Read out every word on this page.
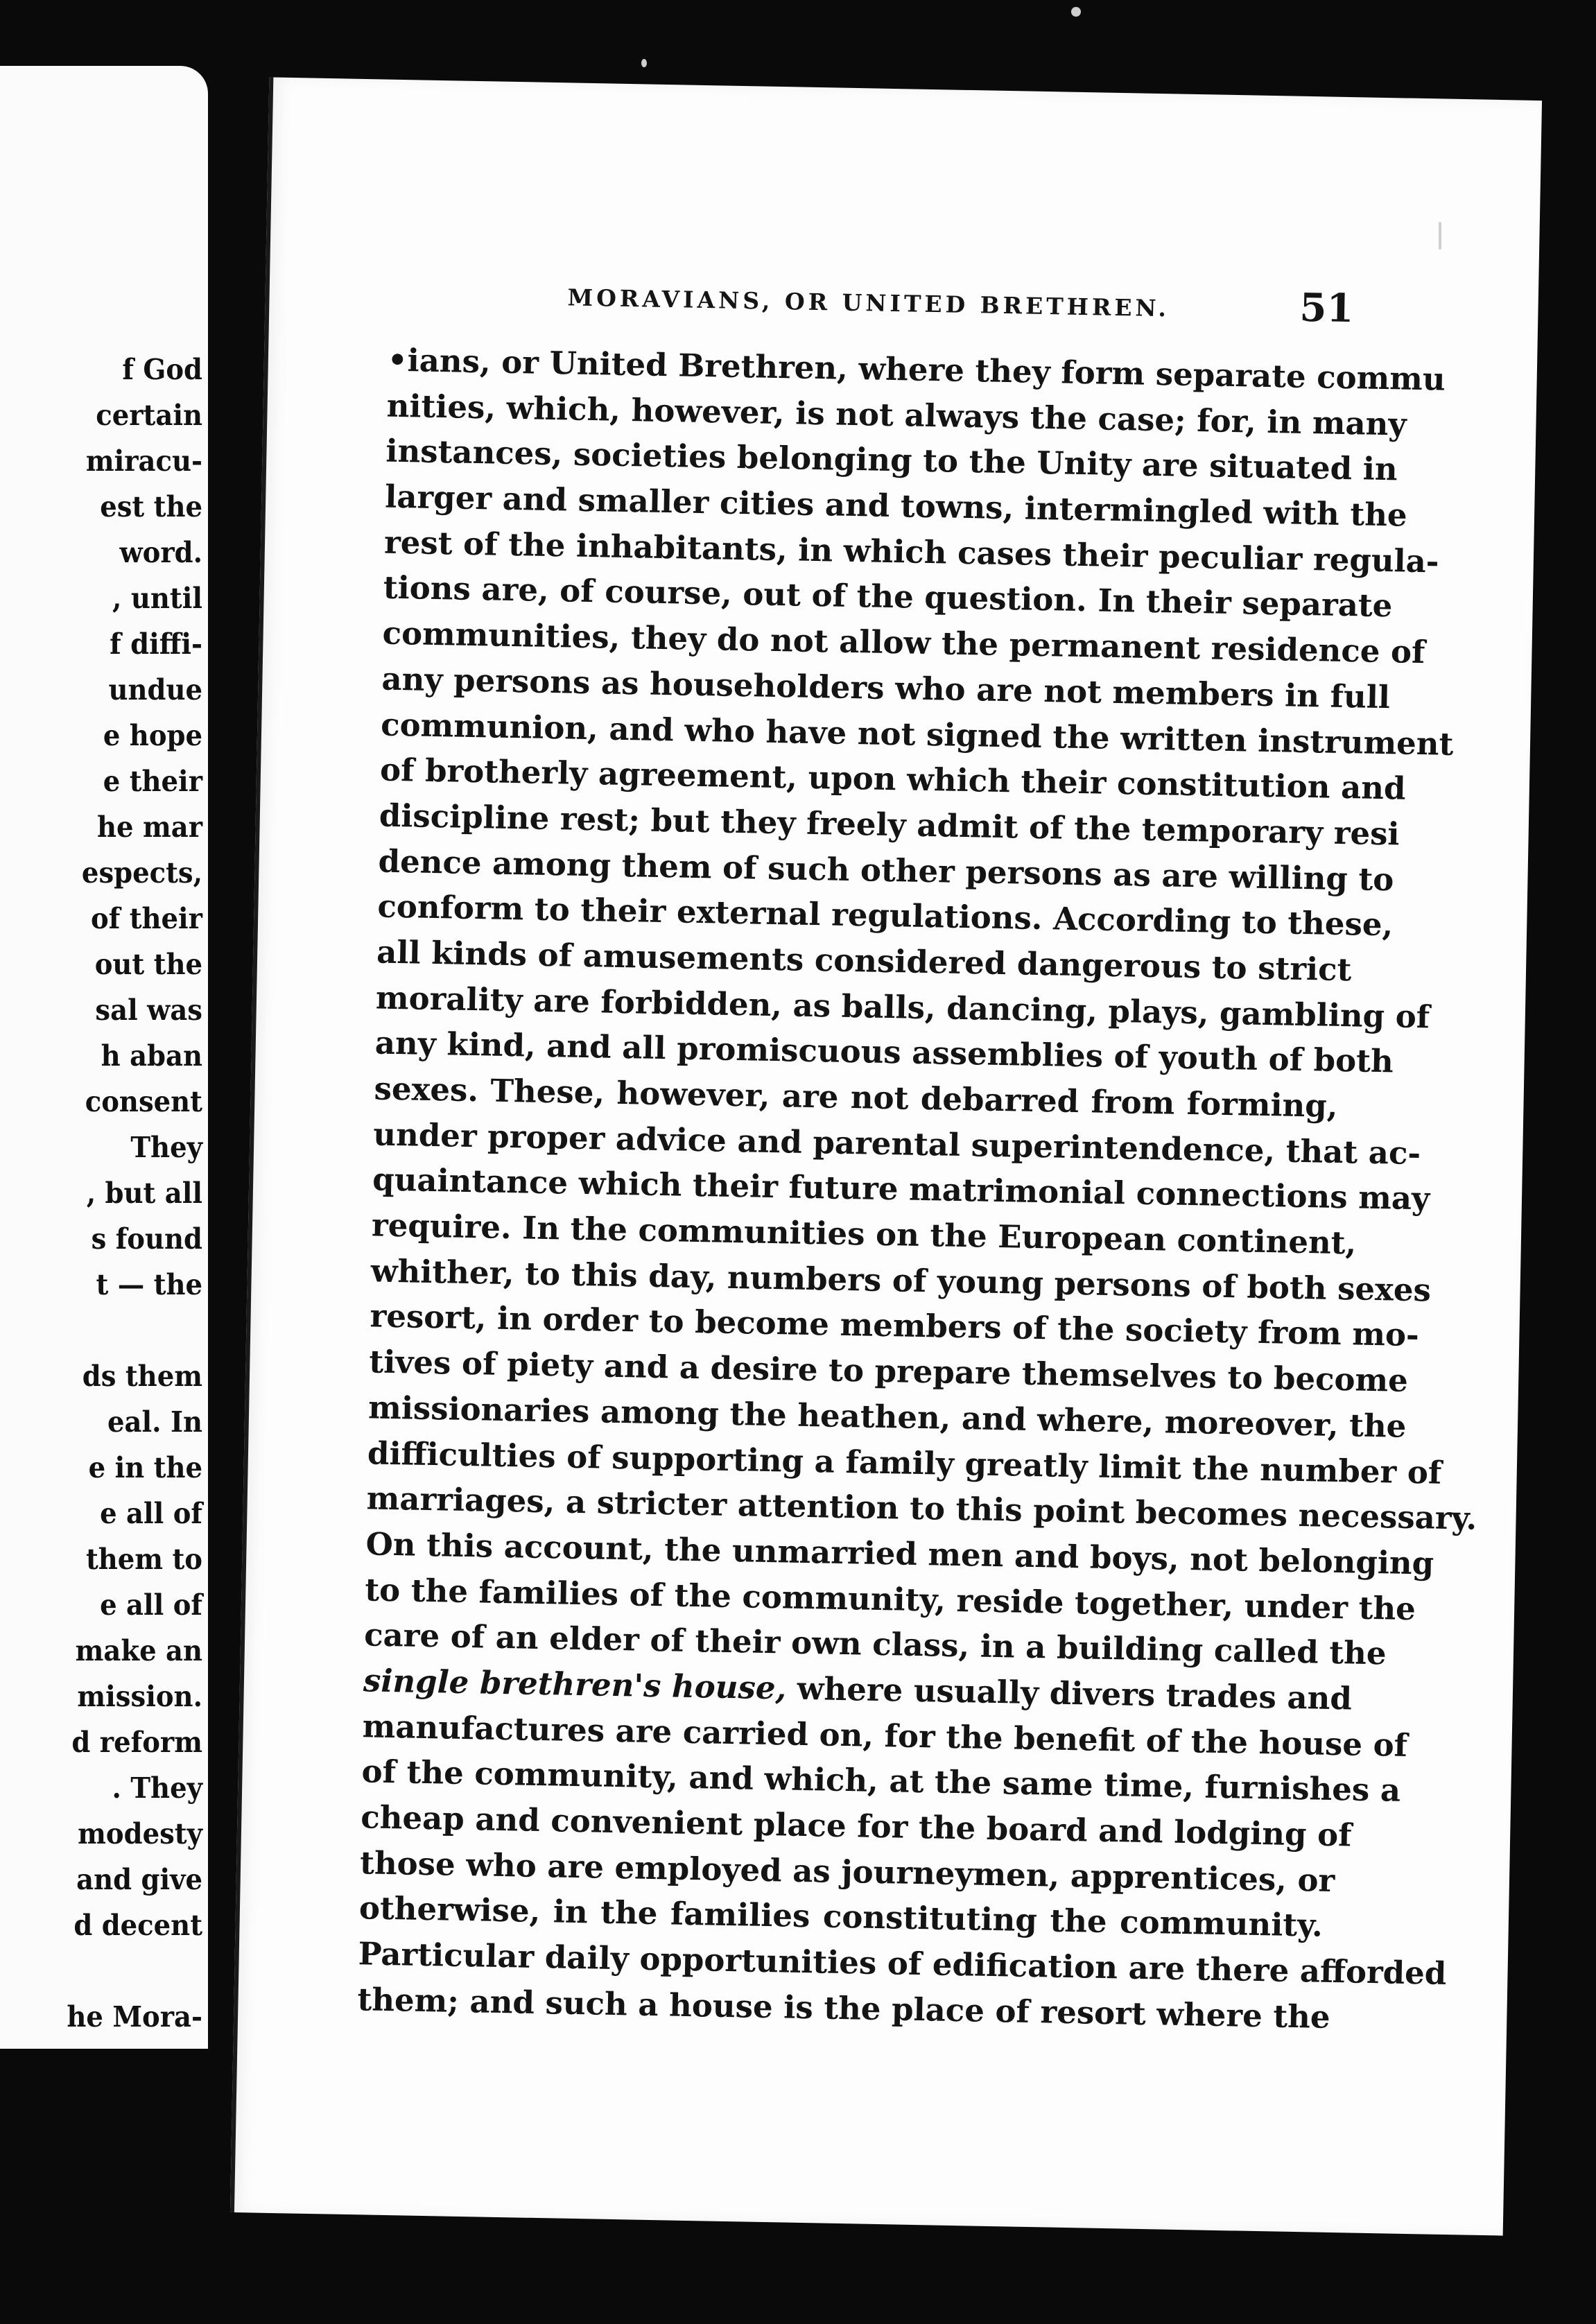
f God
certain
miracu-
est the
word.
, until
f diffi-
undue
e hope
e their
he mar
espects,
of their
out the
sal was
h aban
consent
They
, but all
s found
t — the
ds them
eal. In
e in the
e all of
them to
e all of
make an
mission.
d reform
. They
modesty
and give
d decent
he Mora-
MORAVIANS, OR UNITED BRETHREN.	51
•ians, or United Brethren, where they form separate commu
nities, which, however, is not always the case; for, in many
instances, societies belonging to the Unity are situated in
larger and smaller cities and towns, intermingled with the
rest of the inhabitants, in which cases their peculiar regula-
tions are, of course, out of the question. In their separate
communities, they do not allow the permanent residence of
any persons as householders who are not members in full
communion, and who have not signed the written instrument
of brotherly agreement, upon which their constitution and
discipline rest; but they freely admit of the temporary resi
dence among them of such other persons as are willing to
conform to their external regulations. According to these,
all kinds of amusements considered dangerous to strict
morality are forbidden, as balls, dancing, plays, gambling of
any kind, and all promiscuous assemblies of youth of both
sexes. These, however, are not debarred from forming,
under proper advice and parental superintendence, that ac-
quaintance which their future matrimonial connections may
require. In the communities on the European continent,
whither, to this day, numbers of young persons of both sexes
resort, in order to become members of the society from mo-
tives of piety and a desire to prepare themselves to become
missionaries among the heathen, and where, moreover, the
difficulties of supporting a family greatly limit the number of
marriages, a stricter attention to this point becomes necessary.
On this account, the unmarried men and boys, not belonging
to the families of the community, reside together, under the
care of an elder of their own class, in a building called the
single brethren's house, where usually divers trades and
manufactures are carried on, for the benefit of the house of
of the community, and which, at the same time, furnishes a
cheap and convenient place for the board and lodging of
those who are employed as journeymen, apprentices, or
otherwise, in the families constituting the community.
Particular daily opportunities of edification are there afforded
them; and such a house is the place of resort where the
